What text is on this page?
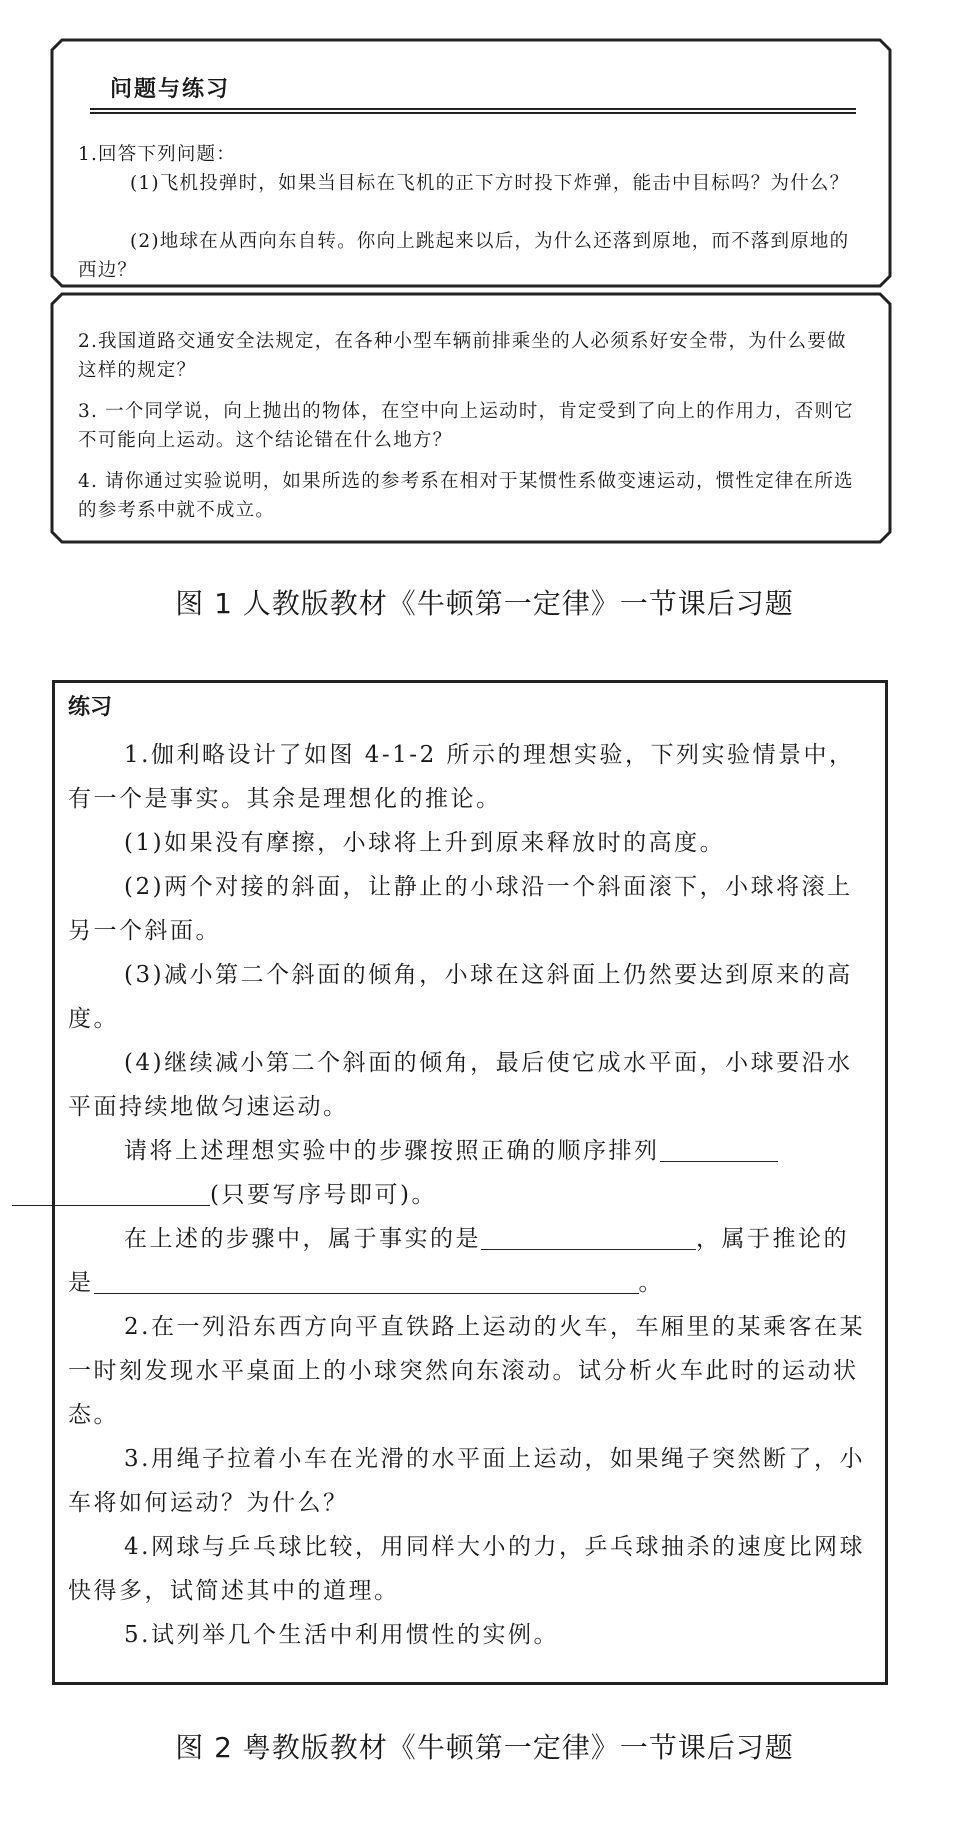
问题与练习
1.回答下列问题：
(1)飞机投弹时，如果当目标在飞机的正下方时投下炸弹，能击中目标吗？为什么？
(2)地球在从西向东自转。你向上跳起来以后，为什么还落到原地，而不落到原地的西边？
2.我国道路交通安全法规定，在各种小型车辆前排乘坐的人必须系好安全带，为什么要做这样的规定？
3. 一个同学说，向上抛出的物体，在空中向上运动时，肯定受到了向上的作用力，否则它不可能向上运动。这个结论错在什么地方？
4. 请你通过实验说明，如果所选的参考系在相对于某惯性系做变速运动，惯性定律在所选的参考系中就不成立。
图 1 人教版教材《牛顿第一定律》一节课后习题
练习
1.伽利略设计了如图 4-1-2 所示的理想实验，下列实验情景中，有一个是事实。其余是理想化的推论。
(1)如果没有摩擦，小球将上升到原来释放时的高度。
(2)两个对接的斜面，让静止的小球沿一个斜面滚下，小球将滚上另一个斜面。
(3)减小第二个斜面的倾角，小球在这斜面上仍然要达到原来的高度。
(4)继续减小第二个斜面的倾角，最后使它成水平面，小球要沿水平面持续地做匀速运动。
请将上述理想实验中的步骤按照正确的顺序排列
(只要写序号即可)。
在上述的步骤中，属于事实的是	，属于推论的是	。
2.在一列沿东西方向平直铁路上运动的火车，车厢里的某乘客在某一时刻发现水平桌面上的小球突然向东滚动。试分析火车此时的运动状态。
3.用绳子拉着小车在光滑的水平面上运动，如果绳子突然断了，小车将如何运动？为什么？
4.网球与乒乓球比较，用同样大小的力，乒乓球抽杀的速度比网球快得多，试简述其中的道理。
5.试列举几个生活中利用惯性的实例。
图 2 粤教版教材《牛顿第一定律》一节课后习题
